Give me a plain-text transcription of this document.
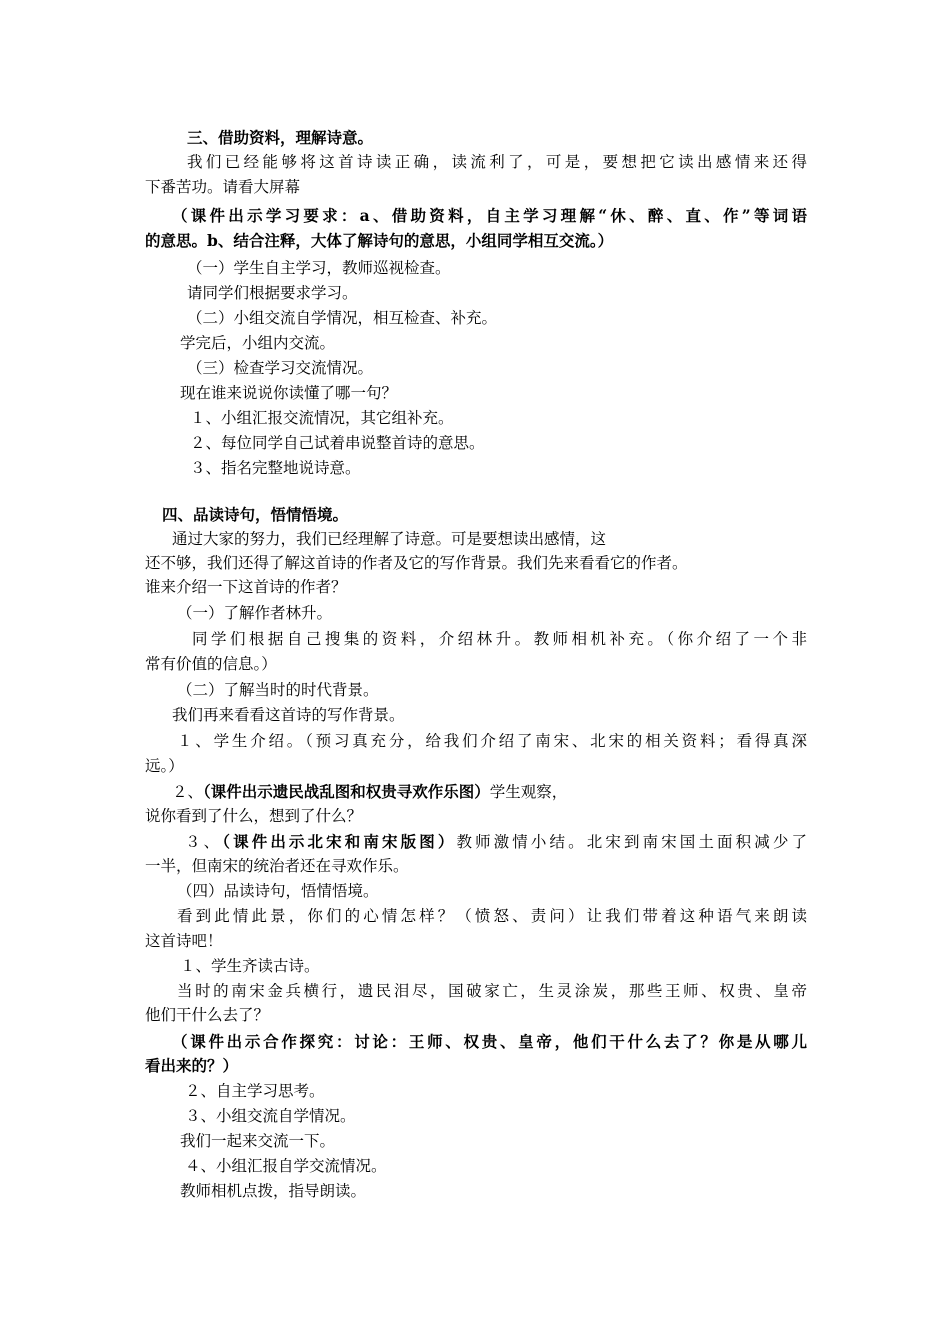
三、借助资料，理解诗意。
我们已经能够将这首诗读正确，读流利了，可是，要想把它读出感情来还得
下番苦功。请看大屏幕
（课件出示学习要求：a、借助资料，自主学习理解“休、醉、直、作”等词语
的意思。b、结合注释，大体了解诗句的意思，小组同学相互交流。）
（一）学生自主学习，教师巡视检查。
请同学们根据要求学习。
（二）小组交流自学情况，相互检查、补充。
学完后，小组内交流。
（三）检查学习交流情况。
现在谁来说说你读懂了哪一句？
１、小组汇报交流情况，其它组补充。
２、每位同学自己试着串说整首诗的意思。
３、指名完整地说诗意。
四、品读诗句，悟情悟境。
通过大家的努力，我们已经理解了诗意。可是要想读出感情，这
还不够，我们还得了解这首诗的作者及它的写作背景。我们先来看看它的作者。
谁来介绍一下这首诗的作者？
（一）了解作者林升。
同学们根据自己搜集的资料，介绍林升。教师相机补充。（你介绍了一个非
常有价值的信息。）
（二）了解当时的时代背景。
我们再来看看这首诗的写作背景。
１、学生介绍。（预习真充分，给我们介绍了南宋、北宋的相关资料；看得真深
远。）
２、（课件出示遗民战乱图和权贵寻欢作乐图）学生观察，
说你看到了什么，想到了什么？
３、（课件出示北宋和南宋版图）教师激情小结。北宋到南宋国土面积减少了
一半，但南宋的统治者还在寻欢作乐。
（四）品读诗句，悟情悟境。
看到此情此景，你们的心情怎样？（愤怒、责问）让我们带着这种语气来朗读
这首诗吧！
１、学生齐读古诗。
当时的南宋金兵横行，遗民泪尽，国破家亡，生灵涂炭，那些王师、权贵、皇帝
他们干什么去了？
（课件出示合作探究：讨论：王师、权贵、皇帝，他们干什么去了？你是从哪儿
看出来的？）
２、自主学习思考。
３、小组交流自学情况。
我们一起来交流一下。
４、小组汇报自学交流情况。
教师相机点拨，指导朗读。
